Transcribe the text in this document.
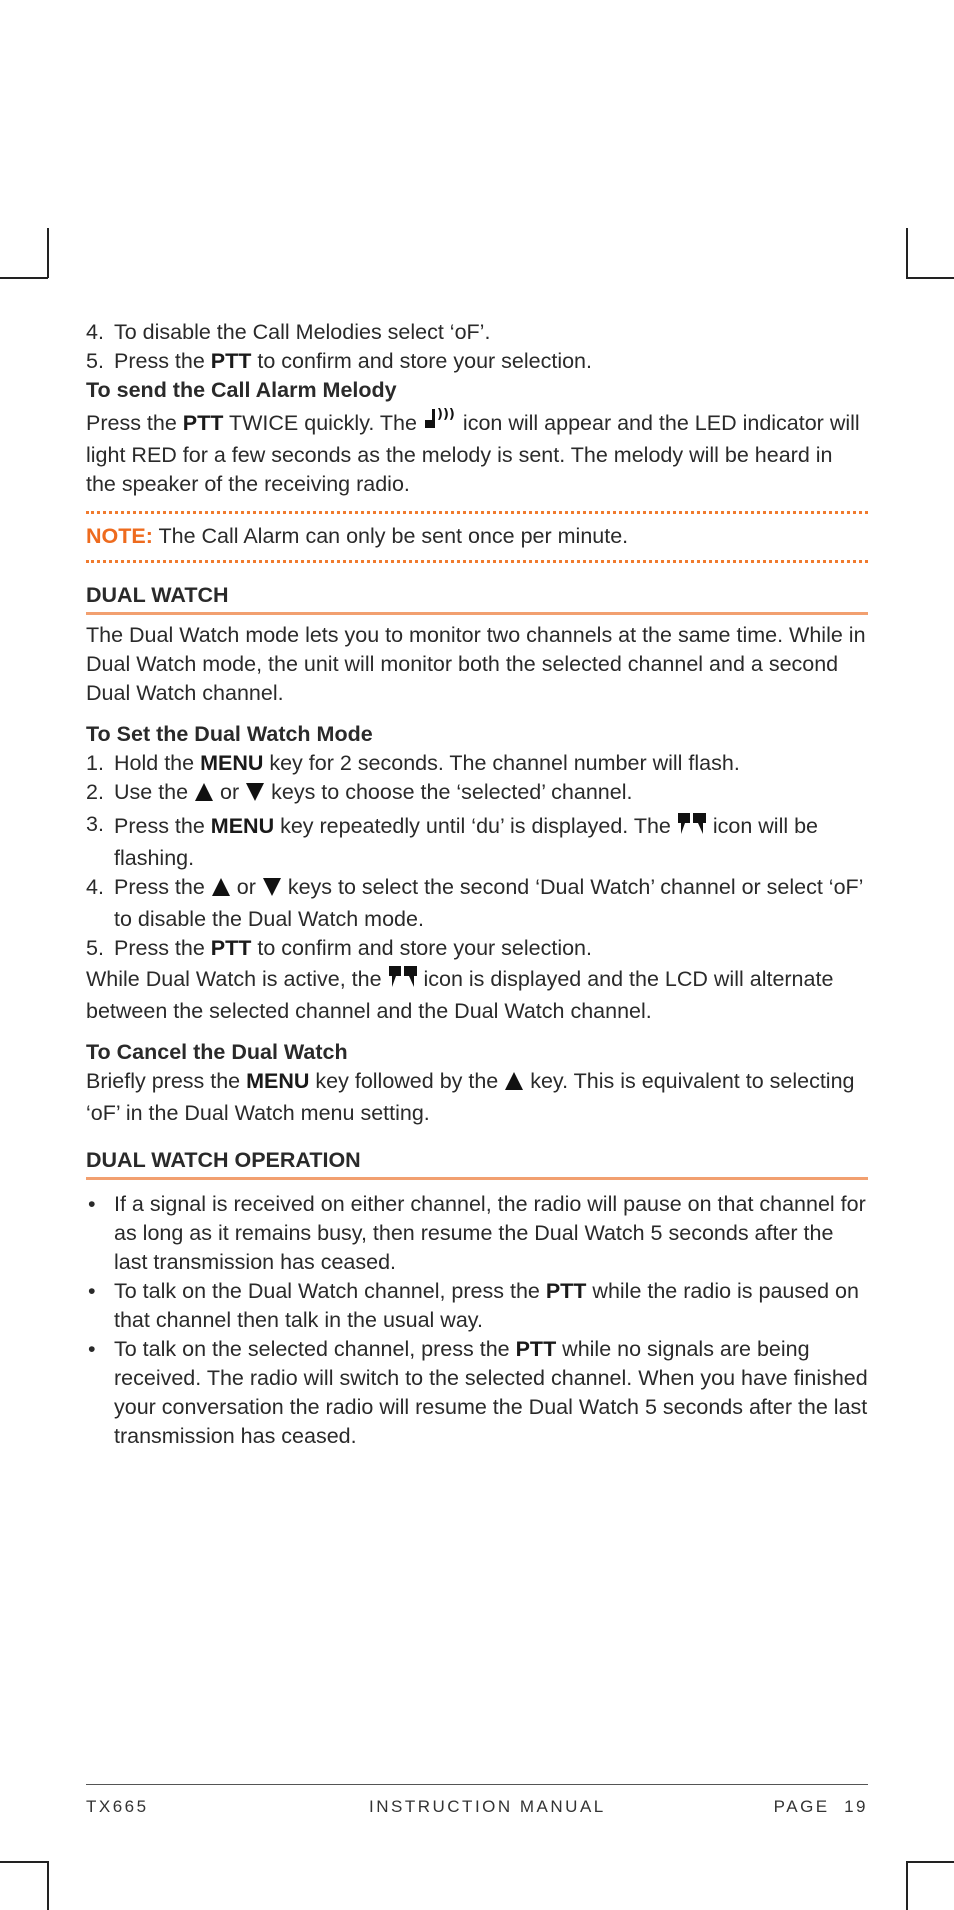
4. To disable the Call Melodies select ‘oF’.

5. Press the PTT to confirm and store your selection.

To send the Call Alarm Melody

Press the PTT TWICE quickly. The ))) icon will appear and the LED indicator will light RED for a few seconds as the melody is sent. The melody will be heard in the speaker of the receiving radio.

NOTE: The Call Alarm can only be sent once per minute.
DUAL WATCH

The Dual Watch mode lets you to monitor two channels at the same time. While in Dual Watch mode, the unit will monitor both the selected channel and a second Dual Watch channel.

To Set the Dual Watch Mode

1. Hold the MENU key for 2 seconds. The channel number will flash.

2. Use the  or  keys to choose the ‘selected’ channel.

3. Press the MENU key repeatedly until ‘du’ is displayed. The  icon will be flashing.

4. Press the  or  keys to select the second ‘Dual Watch’ channel or select ‘oF’ to disable the Dual Watch mode.

5. Press the PTT to confirm and store your selection.

While Dual Watch is active, the  icon is displayed and the LCD will alternate between the selected channel and the Dual Watch channel.

To Cancel the Dual Watch

Briefly press the MENU key followed by the  key. This is equivalent to selecting ‘oF’ in the Dual Watch menu setting.

DUAL WATCH OPERATION

• If a signal is received on either channel, the radio will pause on that channel for as long as it remains busy, then resume the Dual Watch 5 seconds after the last transmission has ceased.

• To talk on the Dual Watch channel, press the PTT while the radio is paused on that channel then talk in the usual way.

• To talk on the selected channel, press the PTT while no signals are being received. The radio will switch to the selected channel. When you have finished your conversation the radio will resume the Dual Watch 5 seconds after the last transmission has ceased.

TX665	INSTRUCTION MANUAL	PAGE  19
